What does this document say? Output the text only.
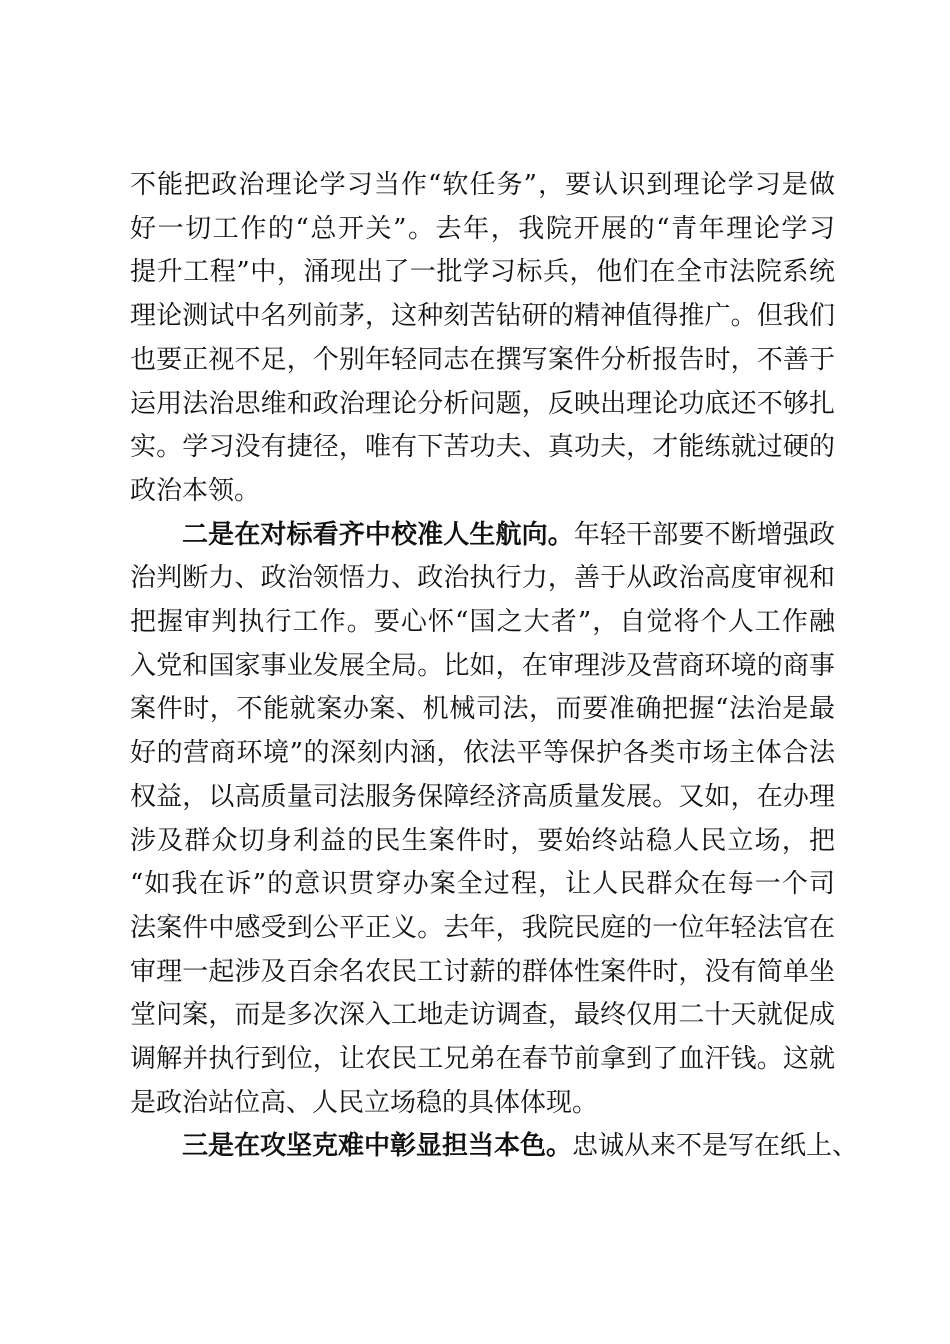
不能把政治理论学习当作“软任务”，要认识到理论学习是做
好一切工作的“总开关”。去年，我院开展的“青年理论学习
提升工程”中，涌现出了一批学习标兵，他们在全市法院系统
理论测试中名列前茅，这种刻苦钻研的精神值得推广。但我们
也要正视不足，个别年轻同志在撰写案件分析报告时，不善于
运用法治思维和政治理论分析问题，反映出理论功底还不够扎
实。学习没有捷径，唯有下苦功夫、真功夫，才能练就过硬的
政治本领。
二是在对标看齐中校准人生航向。年轻干部要不断增强政
治判断力、政治领悟力、政治执行力，善于从政治高度审视和
把握审判执行工作。要心怀“国之大者”，自觉将个人工作融
入党和国家事业发展全局。比如，在审理涉及营商环境的商事
案件时，不能就案办案、机械司法，而要准确把握“法治是最
好的营商环境”的深刻内涵，依法平等保护各类市场主体合法
权益，以高质量司法服务保障经济高质量发展。又如，在办理
涉及群众切身利益的民生案件时，要始终站稳人民立场，把
“如我在诉”的意识贯穿办案全过程，让人民群众在每一个司
法案件中感受到公平正义。去年，我院民庭的一位年轻法官在
审理一起涉及百余名农民工讨薪的群体性案件时，没有简单坐
堂问案，而是多次深入工地走访调查，最终仅用二十天就促成
调解并执行到位，让农民工兄弟在春节前拿到了血汗钱。这就
是政治站位高、人民立场稳的具体体现。
三是在攻坚克难中彰显担当本色。忠诚从来不是写在纸上、
